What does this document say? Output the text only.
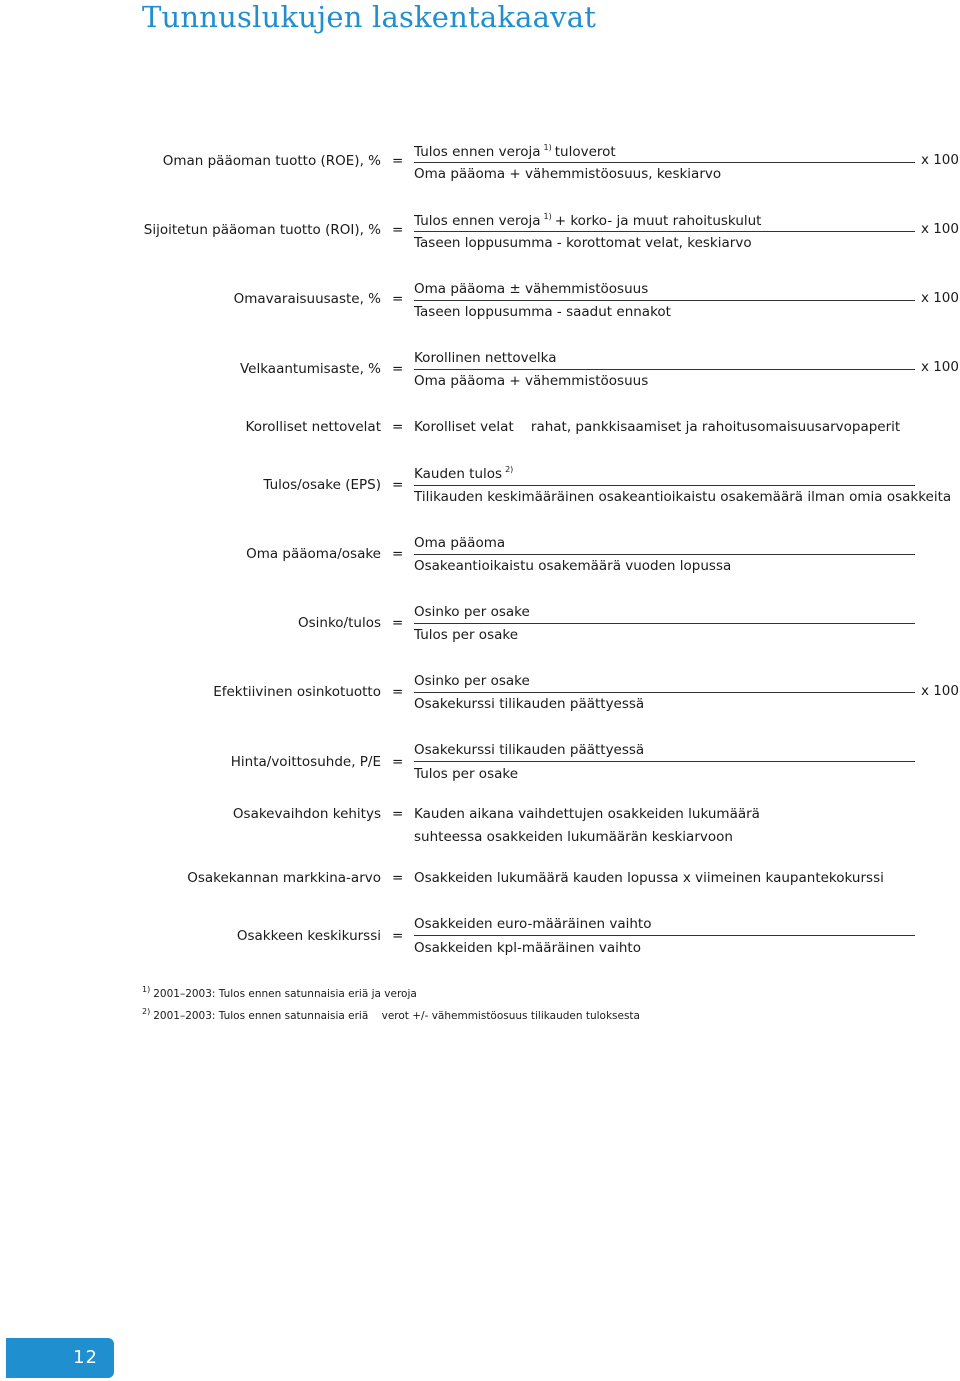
Tunnuslukujen laskentakaavat
Oman pääoman tuotto (ROE), % =
Tulos ennen veroja $^{1)}$ tuloverot
Oma pääoma + vähemmistöosuus, keskiarvo
x 100
Sijoitetun pääoman tuotto (ROI), % =
Tulos ennen veroja $^{1)}$ + korko- ja muut rahoituskulut
Taseen loppusumma - korottomat velat, keskiarvo
x 100
Omavaraisuusaste, % =
Oma pääoma ± vähemmistöosuus
Taseen loppusumma - saadut ennakot
x 100
Velkaantumisaste, % =
Korollinen nettovelka
Oma pääoma + vähemmistöosuus
x 100
Korolliset nettovelat = Korolliset velat    rahat, pankkisaamiset ja rahoitusomaisuusarvopaperit
Tulos/osake (EPS) =
Kauden tulos $^{2)}$
Tilikauden keskimääräinen osakeantioikaistu osakemäärä ilman omia osakkeita
Oma pääoma/osake =
Oma pääoma
Osakeantioikaistu osakemäärä vuoden lopussa
Osinko/tulos =
Osinko per osake
Tulos per osake
Efektiivinen osinkotuotto =
Osinko per osake
Osakekurssi tilikauden päättyessä
x 100
Hinta/voittosuhde, P/E =
Osakekurssi tilikauden päättyessä
Tulos per osake
Osakevaihdon kehitys = Kauden aikana vaihdettujen osakkeiden lukumäärä
suhteessa osakkeiden lukumäärän keskiarvoon
Osakekannan markkina-arvo = Osakkeiden lukumäärä kauden lopussa x viimeinen kaupantekokurssi
Osakkeen keskikurssi =
Osakkeiden euro-määräinen vaihto
Osakkeiden kpl-määräinen vaihto
$^{1)}$ 2001–2003: Tulos ennen satunnaisia eriä ja veroja
$^{2)}$ 2001–2003: Tulos ennen satunnaisia eriä    verot +/- vähemmistöosuus tilikauden tuloksesta
12
